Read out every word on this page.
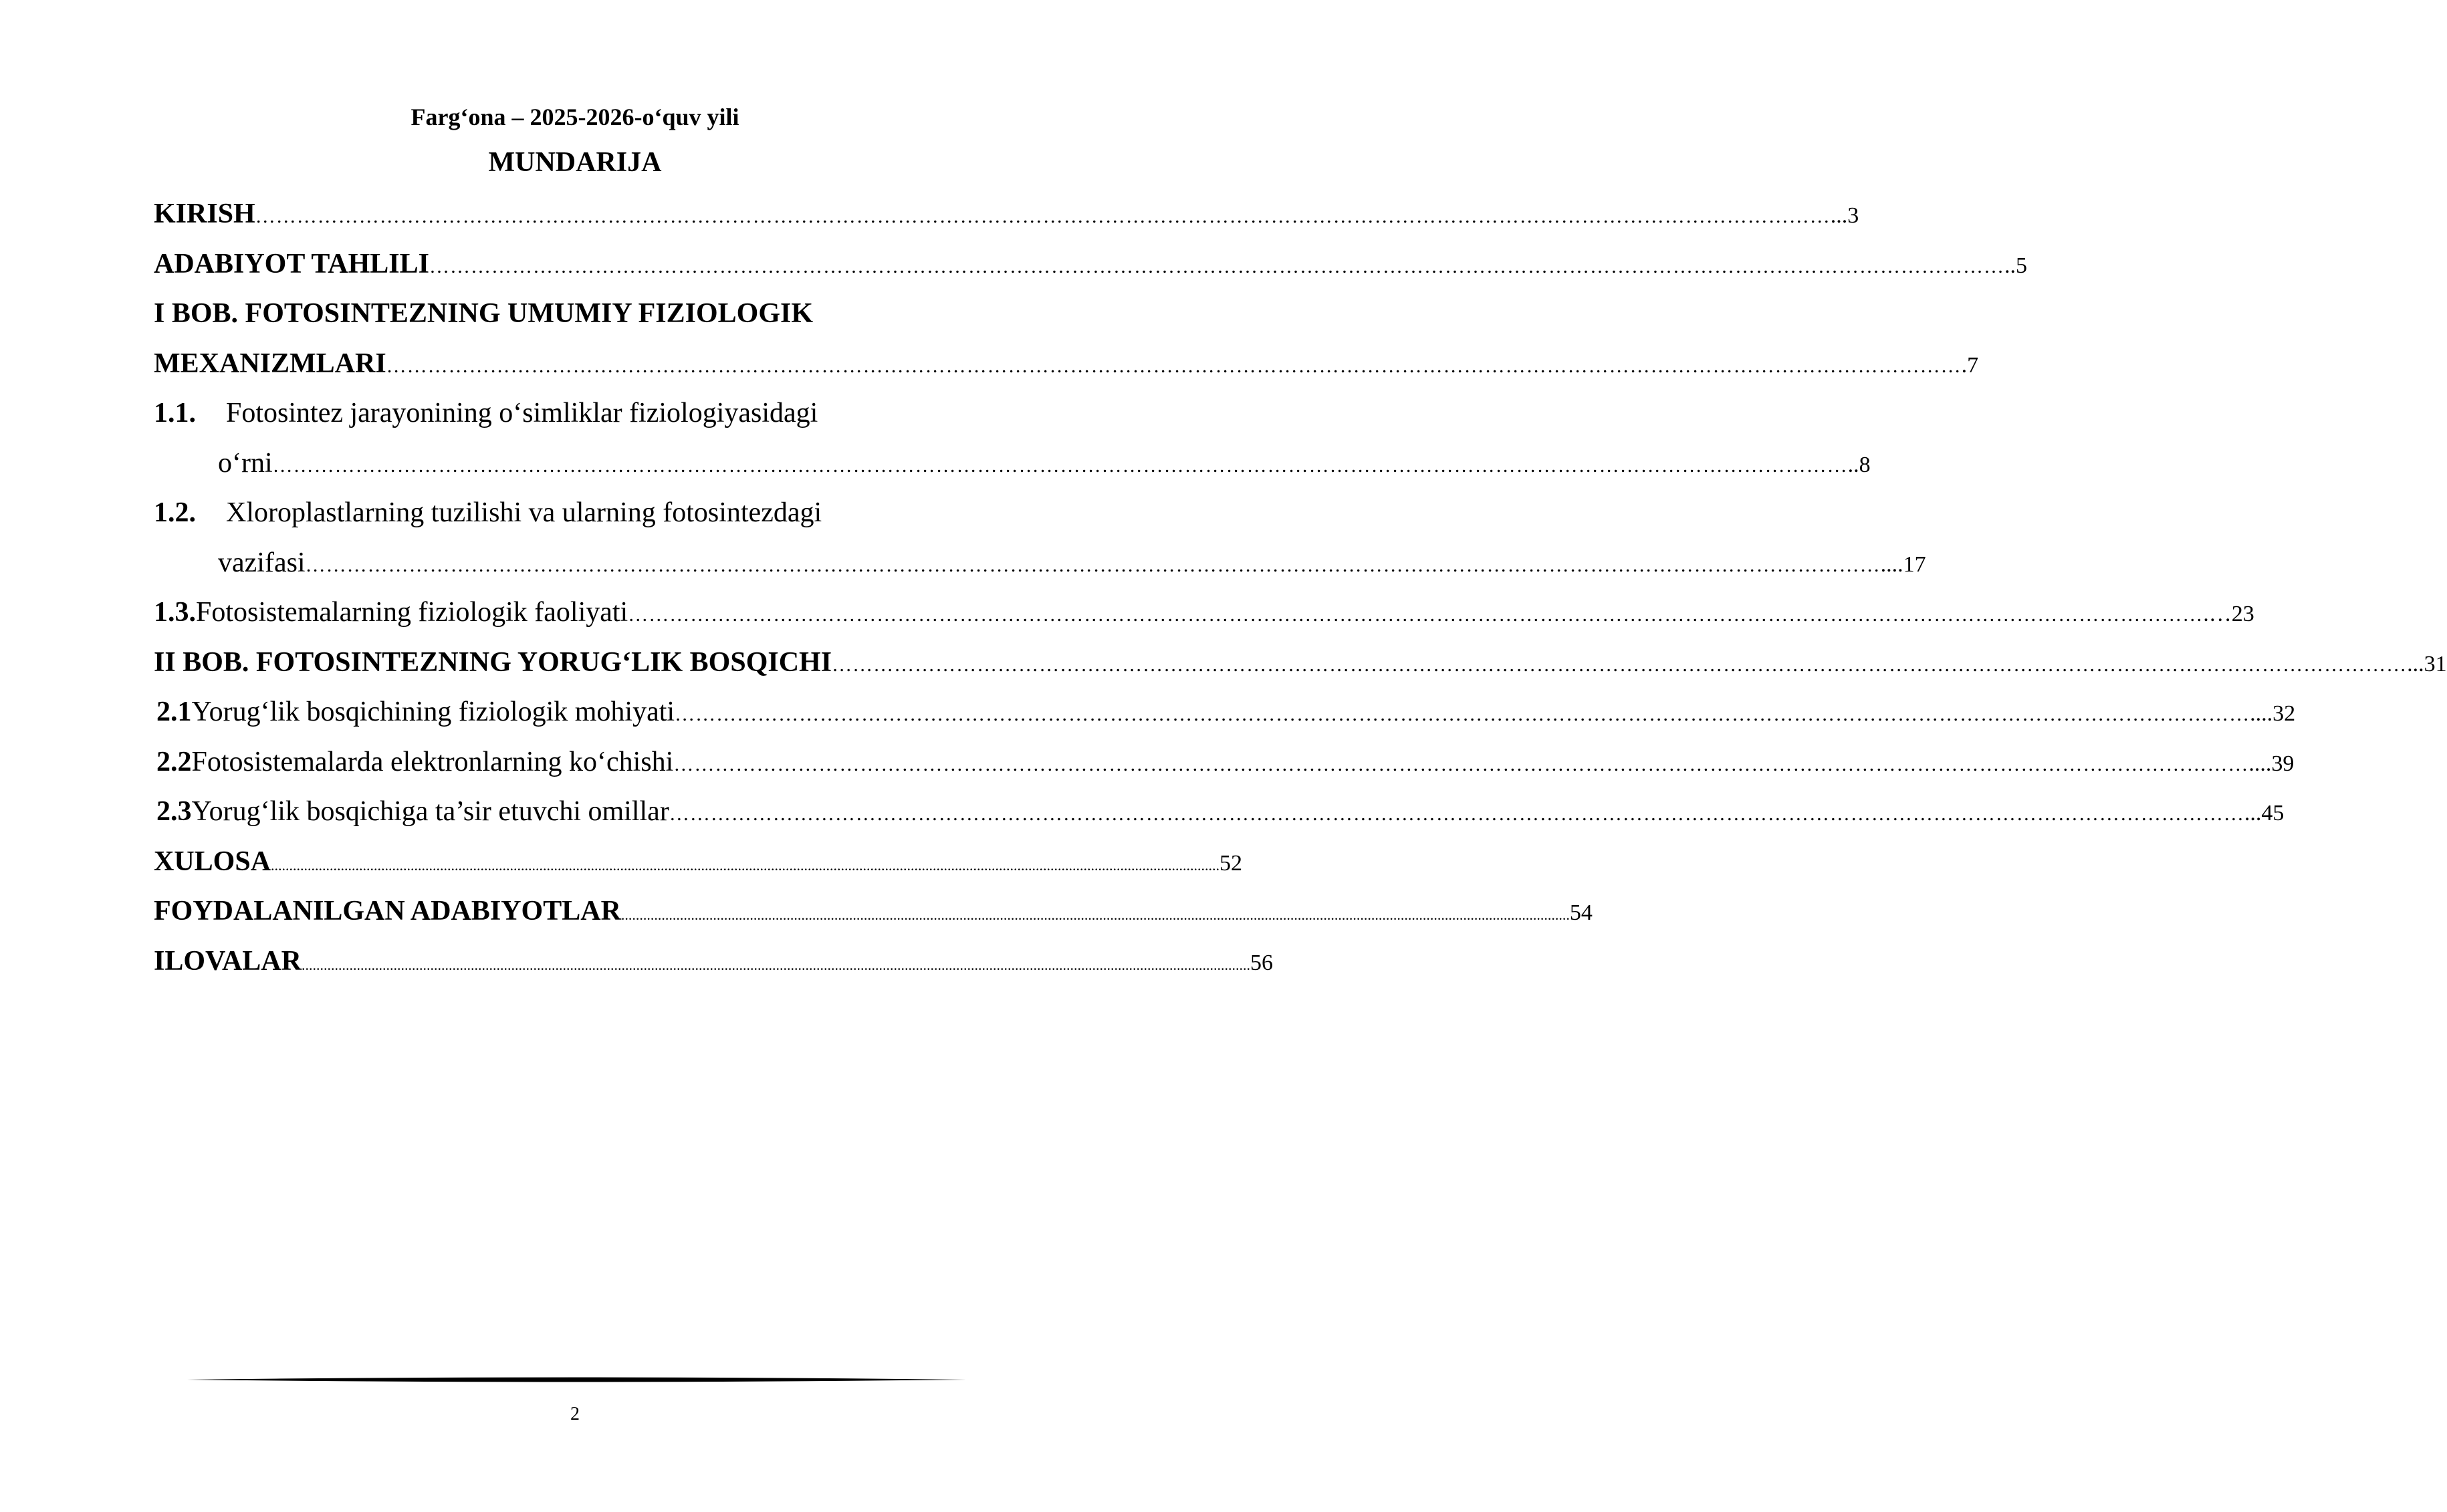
Farg‘ona – 2025-2026-o‘quv yili
MUNDARIJA
KIRISH …………………………………………………………………………………………………………………………………………………………………………………………………………	...3
ADABIYOT TAHLILI …………………………………………………………………………………………………………………………………………………………………………………………………………	..5
I BOB. FOTOSINTEZNING UMUMIY FIZIOLOGIK
MEXANIZMLARI …………………………………………………………………………………………………………………………………………………………………………………………………………	.7
1.1.	Fotosintez jarayonining o‘simliklar fiziologiyasidagi
o‘rni …………………………………………………………………………………………………………………………………………………………………………………………………………	..8
1.2.	Xloroplastlarning tuzilishi va ularning fotosintezdagi
vazifasi …………………………………………………………………………………………………………………………………………………………………………………………………………	....17
1.3. Fotosistemalarning fiziologik faoliyati …………………………………………………………………………………………………………………………………………………………………………………………………………	.…23
II BOB. FOTOSINTEZNING YORUG‘LIK BOSQICHI …………………………………………………………………………………………………………………………………………………………………………………………………………	...31
2.1 Yorug‘lik bosqichining fiziologik mohiyati …………………………………………………………………………………………………………………………………………………………………………………………………………	....32
2.2 Fotosistemalarda elektronlarning ko‘chishi …………………………………………………………………………………………………………………………………………………………………………………………………………	....39
2.3 Yorug‘lik bosqichiga ta’sir etuvchi omillar …………………………………………………………………………………………………………………………………………………………………………………………………………	...45
XULOSA .....	52
FOYDALANILGAN ADABIYOTLAR .....	54
ILOVALAR .....	56
2
